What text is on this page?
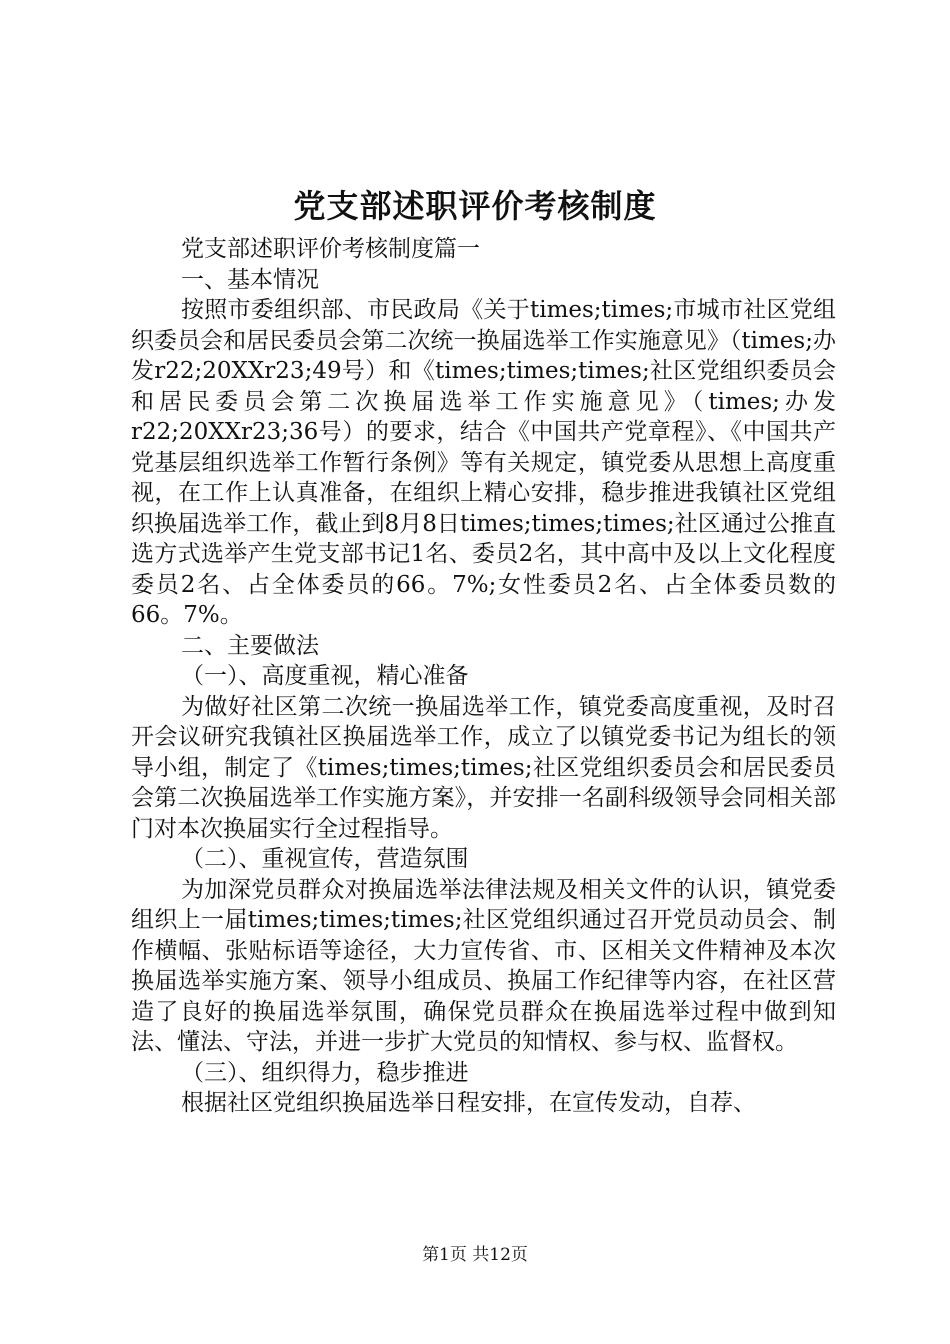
党支部述职评价考核制度

党支部述职评价考核制度篇一

一、基本情况

按照市委组织部、市民政局《关于times;times;市城市社区党组织委员会和居民委员会第二次统一换届选举工作实施意见》（times;办发r22;20XXr23;49号）和《times;times;times;社区党组织委员会和居民委员会第二次换届选举工作实施意见》（times;办发r22;20XXr23;36号）的要求，结合《中国共产党章程》、《中国共产党基层组织选举工作暂行条例》等有关规定，镇党委从思想上高度重视，在工作上认真准备，在组织上精心安排，稳步推进我镇社区党组织换届选举工作，截止到8月8日times;times;times;社区通过公推直选方式选举产生党支部书记1名、委员2名，其中高中及以上文化程度委员2名、占全体委员的66。7%;女性委员2名、占全体委员数的66。7%。

二、主要做法

（一）、高度重视，精心准备

为做好社区第二次统一换届选举工作，镇党委高度重视，及时召开会议研究我镇社区换届选举工作，成立了以镇党委书记为组长的领导小组，制定了《times;times;times;社区党组织委员会和居民委员会第二次换届选举工作实施方案》，并安排一名副科级领导会同相关部门对本次换届实行全过程指导。

（二）、重视宣传，营造氛围

为加深党员群众对换届选举法律法规及相关文件的认识，镇党委组织上一届times;times;times;社区党组织通过召开党员动员会、制作横幅、张贴标语等途径，大力宣传省、市、区相关文件精神及本次换届选举实施方案、领导小组成员、换届工作纪律等内容，在社区营造了良好的换届选举氛围，确保党员群众在换届选举过程中做到知法、懂法、守法，并进一步扩大党员的知情权、参与权、监督权。

（三）、组织得力，稳步推进

根据社区党组织换届选举日程安排，在宣传发动，自荐、

第1页 共12页
